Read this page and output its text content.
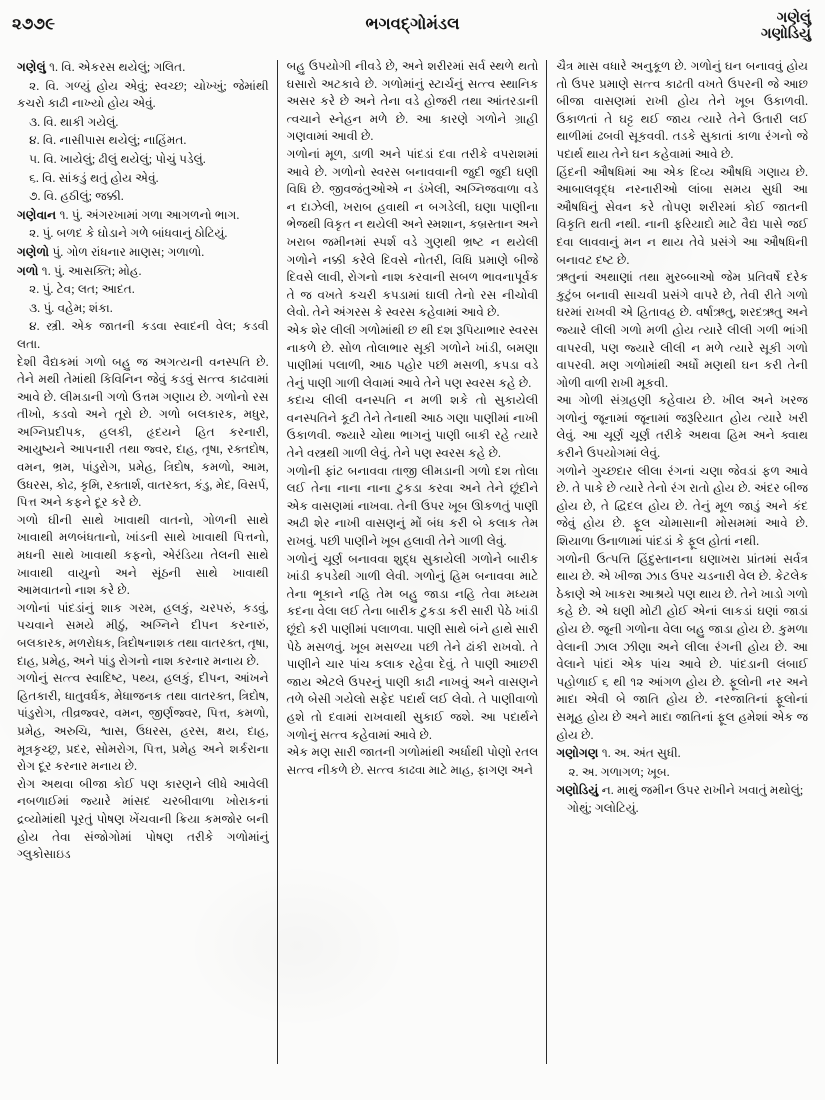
૨૭૭૯	ભગવદ્ગોમંડલ	ગણેલું
ગણોડિયું

ગણેલું ૧. વિ. એકરસ થયેલું; ગલિત.

૨. વિ. ગળ્યું હોય એવું; સ્વચ્છ; ચોખ્ખું; જેમાંથી કચરો કાઢી નાખ્યો હોય એવું.

૩. વિ. થાકી ગયેલું.

૪. વિ. નાસીપાસ થયેલું; નાહિંમત.

૫. વિ. ખાયેલું; ઢીલું થયેલું; પોચું પડેલું.

૬. વિ. સાંકડું થતું હોય એવું.

૭. વિ. હઠીલું; જક્કી.

ગણેવાન ૧. પું. અંગરખામાં ગળા આગળનો ભાગ.

૨. પું. બળદ કે ઘોડાને ગળે બાંધવાનું ઠોટિયું.

ગણેળો પું. ગોળ રાંધનાર માણસ; ગળાળો.

ગળો ૧. પું. આસક્તિ; મોહ.

૨. પું. ટેવ; લત; આદત.

૩. પું. વહેમ; શંકા.

૪. સ્ત્રી. એક જાતની કડવા સ્વાદની વેલ; કડવી લતા.

દેશી વૈદ્યકમાં ગળો બહુ જ અગત્યની વનસ્પતિ છે. તેને મથી તેમાંથી કિવિનિન જેવું કડવું સત્ત્વ કાઢવામાં આવે છે. લીમડાની ગળો ઉત્તમ ગણાય છે. ગળોનો રસ તીખો, કડવો અને તૂરો છે. ગળો બલકારક, મધુર, અગ્નિપ્રદીપક, હલકી, હૃદયને હિત કરનારી, આયુષ્યને આપનારી તથા જ્વર, દાહ, તૃષા, રક્તદોષ, વમન, ભ્રમ, પાંડુરોગ, પ્રમેહ, ત્રિદોષ, કમળો, આમ, ઉધરસ, કોઢ, કૃમિ, રક્તાર્શ, વાતરક્ત, કંડુ, મેદ, વિસર્પ, પિત્ત અને કફને દૂર કરે છે.

ગળો ઘીની સાથે ખાવાથી વાતનો, ગોળની સાથે ખાવાથી મળબંધતાનો, ખાંડની સાથે ખાવાથી પિત્તનો, મધની સાથે ખાવાથી કફનો, એરંડિયા તેલની સાથે ખાવાથી વાયુનો અને સૂંઠની સાથે ખાવાથી આમવાતનો નાશ કરે છે.

ગળોનાં પાંદડાંનું શાક ગરમ, હલકું, ચરપરું, કડવું, પચવાને સમયે મીઠું, અગ્નિને દીપન કરનારું, બલકારક, મળરોધક, ત્રિદોષનાશક તથા વાતરક્ત, તૃષા, દાહ, પ્રમેહ, અને પાંડુ રોગનો નાશ કરનાર મનાય છે.

ગળોનું સત્ત્વ સ્વાદિષ્ટ, પથ્ય, હલકું, દીપન, આંખને હિતકારી, ધાતુવર્ધક, મેધાજનક તથા વાતરક્ત, ત્રિદોષ, પાંડુરોગ, તીવ્રજ્વર, વમન, જીર્ણજ્વર, પિત્ત, કમળો, પ્રમેહ, અરુચિ, શ્વાસ, ઉધરસ, હરસ, ક્ષય, દાહ, મૂત્રકૃચ્છ્ર, પ્રદર, સોમરોગ, પિત્ત, પ્રમેહ અને શર્કરાના રોગ દૂર કરનાર મનાય છે.

રોગ અથવા બીજા કોઈ પણ કારણને લીધે આવેલી નબળાઈમાં જ્યારે માંસદ ચરબીવાળા ખોરાકનાં દ્રવ્યોમાંથી પૂરતું પોષણ ખેંચવાની ક્રિયા કમજોર બની હોય તેવા સંજોગોમાં પોષણ તરીકે ગળોમાંનું ગ્લુકોસાઇડ

બહુ ઉપયોગી નીવડે છે, અને શરીરમાં સર્વ સ્થળે થતો ઘસારો અટકાવે છે. ગળોમાંનું સ્ટાર્ચનું સત્ત્વ સ્થાનિક અસર કરે છે અને તેના વડે હોજરી તથા આંતરડાની ત્વચાને સ્નેહન મળે છે. આ કારણે ગળોને ગ્રાહી ગણવામાં આવી છે.

ગળોનાં મૂળ, ડાળી અને પાંદડાં દવા તરીકે વપરાશમાં આવે છે. ગળોનો સ્વરસ બનાવવાની જુદી જુદી ઘણી વિધિ છે. જીવજંતુઓએ ન ડંખેલી, અગ્નિજવાળા વડે ન દાઝેલી, ખરાબ હવાથી ન બગડેલી, ઘણા પાણીના ભેજથી વિકૃત ન થયેલી અને સ્મશાન, કબ્રસ્તાન અને ખરાબ જમીનમાં સ્પર્શ વડે ગુણથી ભ્રષ્ટ ન થયેલી ગળોને નક્કી કરેલે દિવસે નોતરી, વિધિ પ્રમાણે બીજે દિવસે લાવી, રોગનો નાશ કરવાની સબળ ભાવનાપૂર્વક તે જ વખતે કચરી કપડામાં ઘાલી તેનો રસ નીચોવી લેવો. તેને અંગરસ કે સ્વરસ કહેવામાં આવે છે.

એક શેર લીલી ગળોમાંથી છ થી દશ રૂપિયાભાર સ્વરસ નાકળે છે. સોળ તોલાભાર સૂકી ગળોને ખાંડી, બમણા પાણીમાં પલાળી, આઠ પહોર પછી મસળી, કપડા વડે તેનું પાણી ગાળી લેવામાં આવે તેને પણ સ્વરસ કહે છે.

કદાચ લીલી વનસ્પતિ ન મળી શકે તો સુકાયેલી વનસ્પતિને કૂટી તેને તેનાથી આઠ ગણા પાણીમાં નાખી ઉકાળવી. જ્યારે ચોથા ભાગનું પાણી બાકી રહે ત્યારે તેને વસ્ત્રથી ગાળી લેવું. તેને પણ સ્વરસ કહે છે.

ગળોની ફાંટ બનાવવા તાજી લીમડાની ગળો દશ તોલા લઈ તેના નાના નાના ટુકડા કરવા અને તેને છૂંદીને એક વાસણમાં નાખવા. તેની ઉપર ખૂબ ઊકળતું પાણી અઢી શેર નાખી વાસણનું મોં બંધ કરી બે કલાક તેમ રાખવું. પછી પાણીને ખૂબ હલાવી તેને ગાળી લેવું.

ગળોનું ચૂર્ણ બનાવવા શુદ્ધ સુકાયેલી ગળોને બારીક ખાંડી કપડેથી ગાળી લેવી. ગળોનું હિમ બનાવવા માટે તેના ભૂકાને નહિ તેમ બહુ જાડા નહિ તેવા મધ્યમ કદના વેલા લઈ તેના બારીક ટુકડા કરી સારી પેઠે ખાંડી છૂંદો કરી પાણીમાં પલાળવા. પાણી સાથે બંને હાથે સારી પેઠે મસળવું. ખૂબ મસળ્યા પછી તેને ઢાંકી રાખવો. તે પાણીને ચાર પાંચ કલાક રહેવા દેવું. તે પાણી આછરી જાય એટલે ઉપરનું પાણી કાઢી નાખવું અને વાસણને તળે બેસી ગયેલો સફેદ પદાર્થ લઈ લેવો. તે પાણીવાળો હશે તો દવામાં રાખવાથી સુકાઈ જશે. આ પદાર્થને ગળોનું સત્ત્વ કહેવામાં આવે છે.

એક મણ સારી જાતની ગળોમાંથી અર્ધાથી પોણો રતલ સત્ત્વ નીકળે છે. સત્ત્વ કાઢવા માટે માહ, ફાગણ અને

ચૈત્ર માસ વધારે અનુકૂળ છે. ગળોનું ઘન બનાવવું હોય તો ઉપર પ્રમાણે સત્ત્વ કાઢતી વખતે ઉપરની જે આછ બીજા વાસણમાં રાખી હોય તેને ખૂબ ઉકાળવી. ઉકાળતાં તે ઘટ્ટ થઈ જાય ત્યારે તેને ઉતારી લઈ થાળીમાં ઢબવી સૂકવવી. તડકે સુકાતાં કાળા રંગનો જે પદાર્થ થાય તેને ઘન કહેવામાં આવે છે.

હિંદની ઔષધિમાં આ એક દિવ્ય ઔષધિ ગણાય છે. આબાલવૃદ્ધ નરનારીઓ લાંબા સમય સુધી આ ઔષધિનું સેવન કરે તોપણ શરીરમાં કોઈ જાતની વિકૃતિ થતી નથી. નાની ફરિયાદો માટે વૈદ્ય પાસે જઈ દવા લાવવાનું મન ન થાય તેવે પ્રસંગે આ ઔષધિની બનાવટ દષ્ટ છે.

ઋતુનાં અથાણાં તથા મુરબ્બાઓ જેમ પ્રતિવર્ષે દરેક કુટુંબ બનાવી સાચવી પ્રસંગે વાપરે છે, તેવી રીતે ગળો ઘરમાં રાખવી એ હિતાવહ છે. વર્ષાઋતુ, શરદઋતુ અને જ્યારે લીલી ગળો મળી હોય ત્યારે લીલી ગળી ભાંગી વાપરવી, પણ જ્યારે લીલી ન મળે ત્યારે સૂકી ગળો વાપરવી. મણ ગળોમાંથી અર્ધો મણથી ઘન કરી તેની ગોળી વાળી રાખી મૂકવી.

આ ગોળી સંગ્રહણી કહેવાય છે. ખીલ અને ખરજ ગળોનું જૂનામાં જૂનામાં જરૂરિયાત હોય ત્યારે ખરી લેવું. આ ચૂર્ણ ચૂર્ણ તરીકે અથવા હિમ અને ક્વાથ કરીને ઉપયોગમાં લેવું.

ગળોને ગુચ્છદાર લીલા રંગનાં ચણા જેવડાં ફળ આવે છે. તે પાકે છે ત્યારે તેનો રંગ રાતો હોય છે. અંદર બીજ હોય છે, તે દ્વિદલ હોય છે. તેનું મૂળ જાડું અને કંદ જેવું હોય છે. ફૂલ ચોમાસાની મોસમમાં આવે છે. શિયાળા ઉનાળામાં પાંદડાં કે ફૂલ હોતાં નથી.

ગળોની ઉત્પત્તિ હિંદુસ્તાનના ઘણાખરા પ્રાંતમાં સર્વત્ર થાય છે. એ ખીજા ઝાડ ઉપર ચડનારી વેલ છે. કેટલેક ઠેકાણે એ ખાકરા આશ્રયે પણ થાય છે. તેને ખાડો ગળો કહે છે. એ ઘણી મોટી હોઈ એનાં લાકડાં ઘણાં જાડાં હોય છે. જૂની ગળોના વેલા બહુ જાડા હોય છે. કુમળા વેલાની ઝાલ ઝીણા અને લીલા રંગની હોય છે. આ વેલાને પાંદાં એક પાંચ આવે છે. પાંદડાની લંબાઈ પહોળાઈ ૬ થી ૧૨ આંગળ હોય છે. ફૂલોની નર અને માદા એવી બે જાતિ હોય છે. નરજાતિનાં ફૂલોનાં સમૂહ હોય છે અને માદા જાતિનાં ફૂલ હમેશાં એક જ હોય છે.

ગણોગણ ૧. અ. અંત સુધી.

૨. અ. ગળાગળ; ખૂબ.

ગણોડિયું ન. માથું જમીન ઉપર રાખીને ખવાતું મથોલું; ગોથું; ગલોટિયું.
